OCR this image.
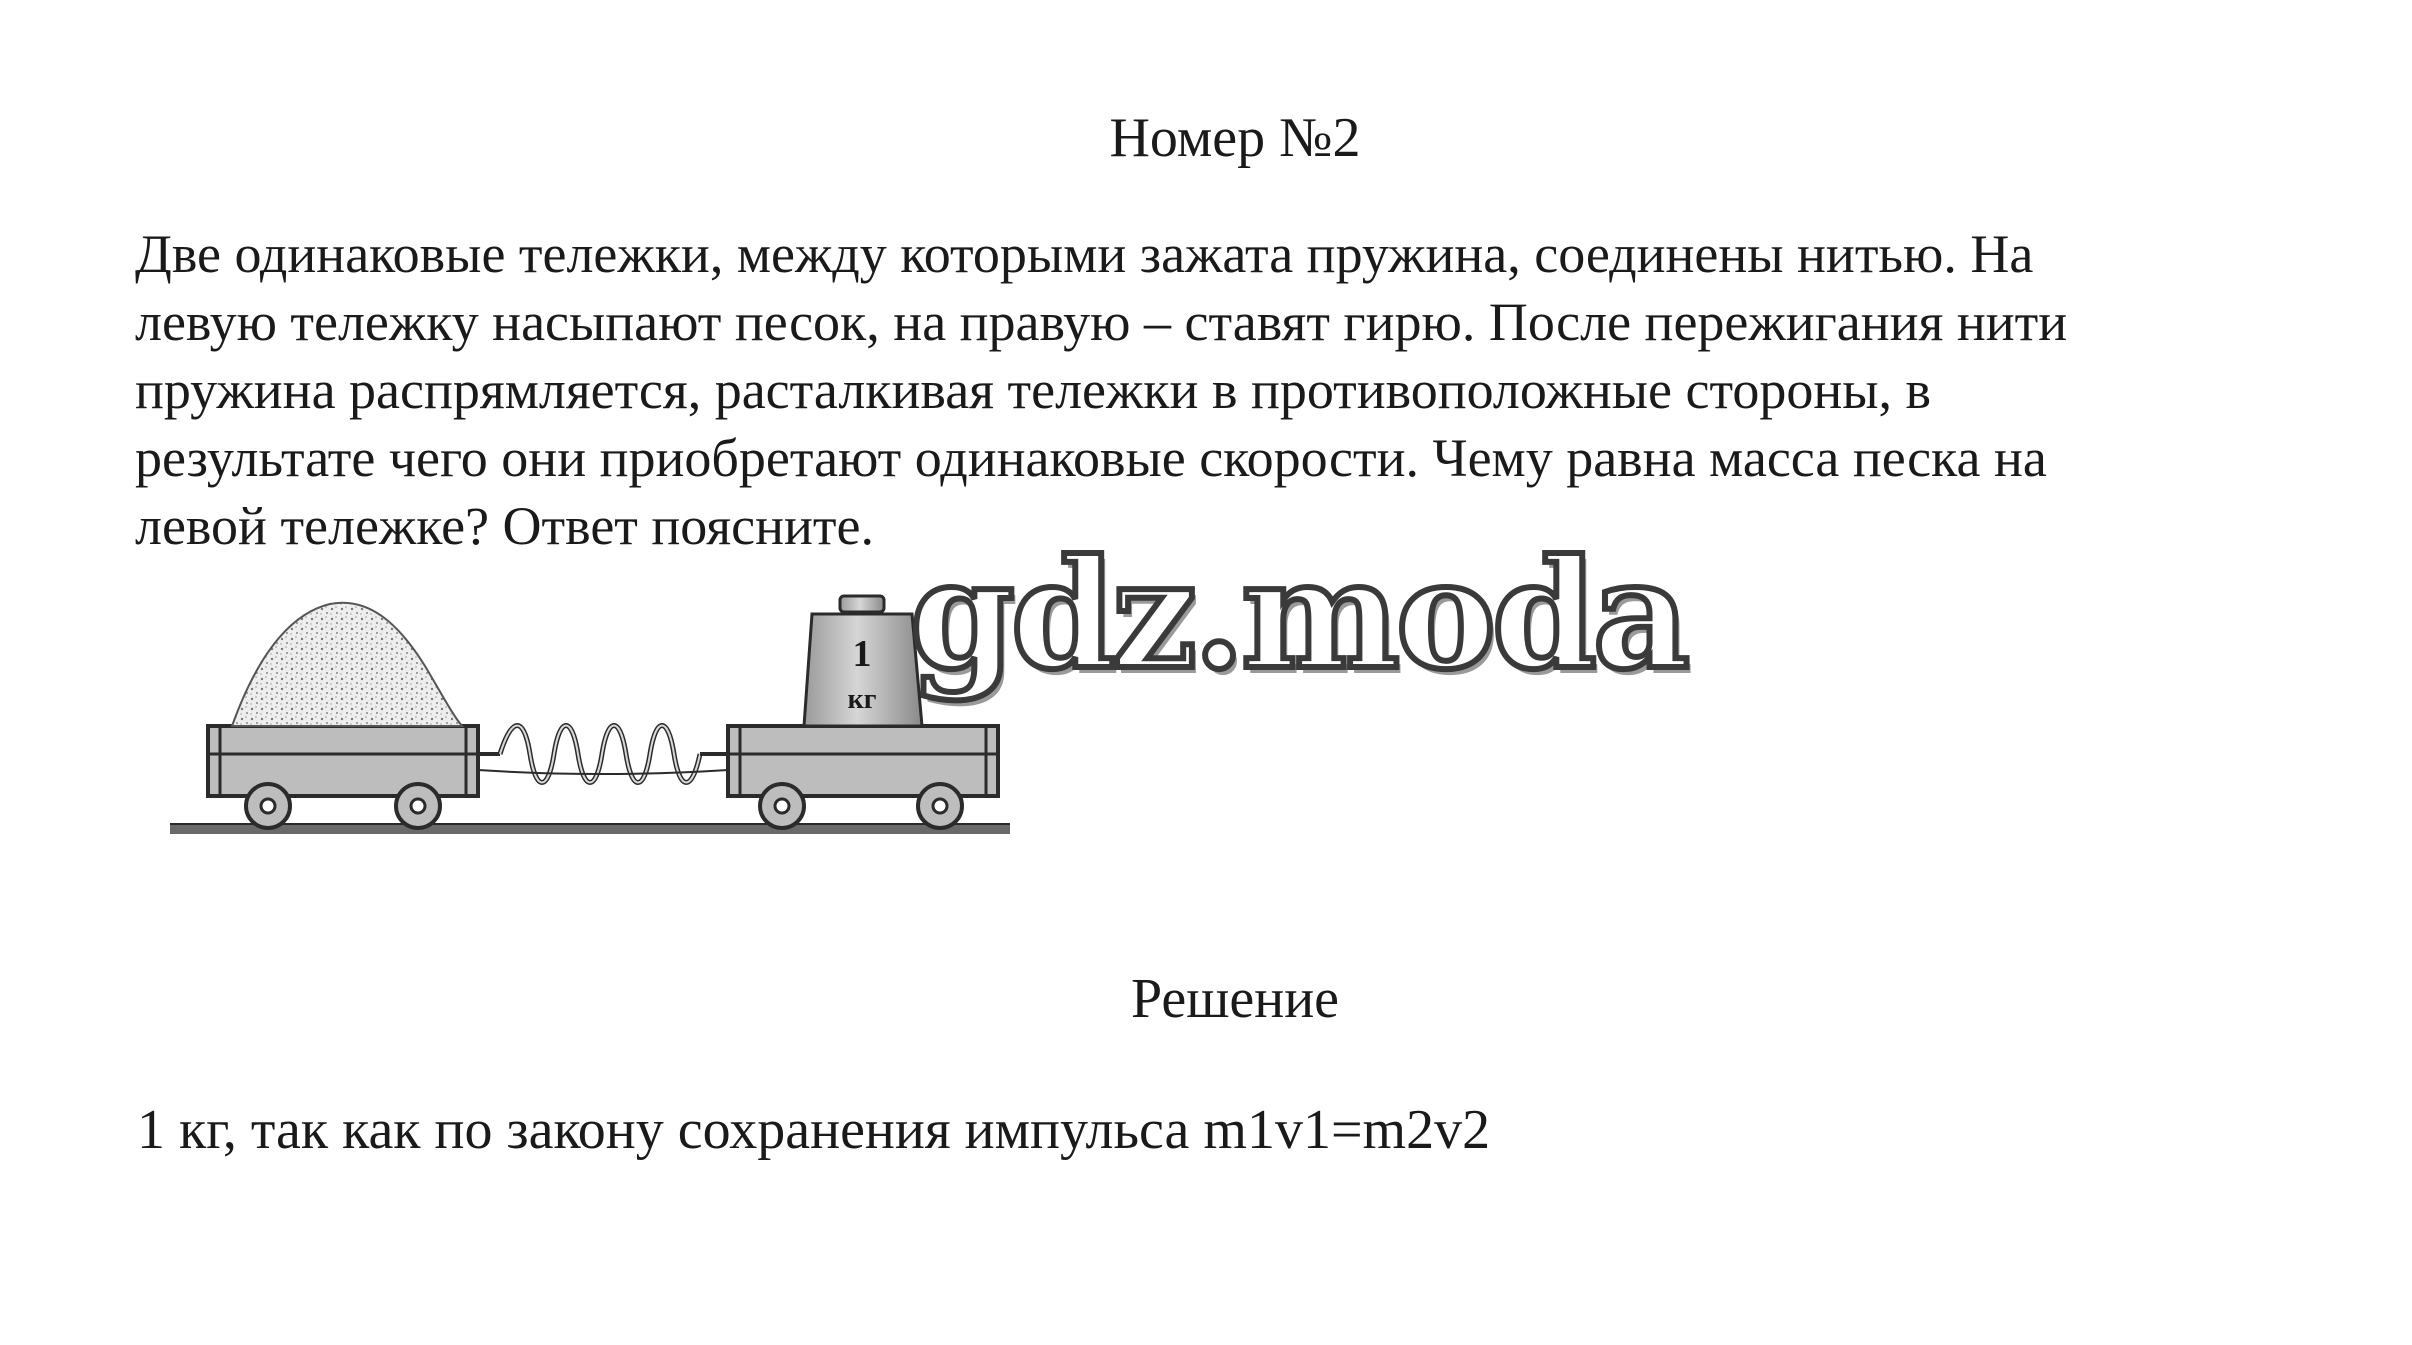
Номер №2
Две одинаковые тележки, между которыми зажата пружина, соединены нитью. На
левую тележку насыпают песок, на правую – ставят гирю. После пережигания нити
пружина распрямляется, расталкивая тележки в противоположные стороны, в
результате чего они приобретают одинаковые скорости. Чему равна масса песка на
левой тележке? Ответ поясните.
1
кг gdz.moda
Решение

1 кг, так как по закону сохранения импульса m1v1=m2v2
